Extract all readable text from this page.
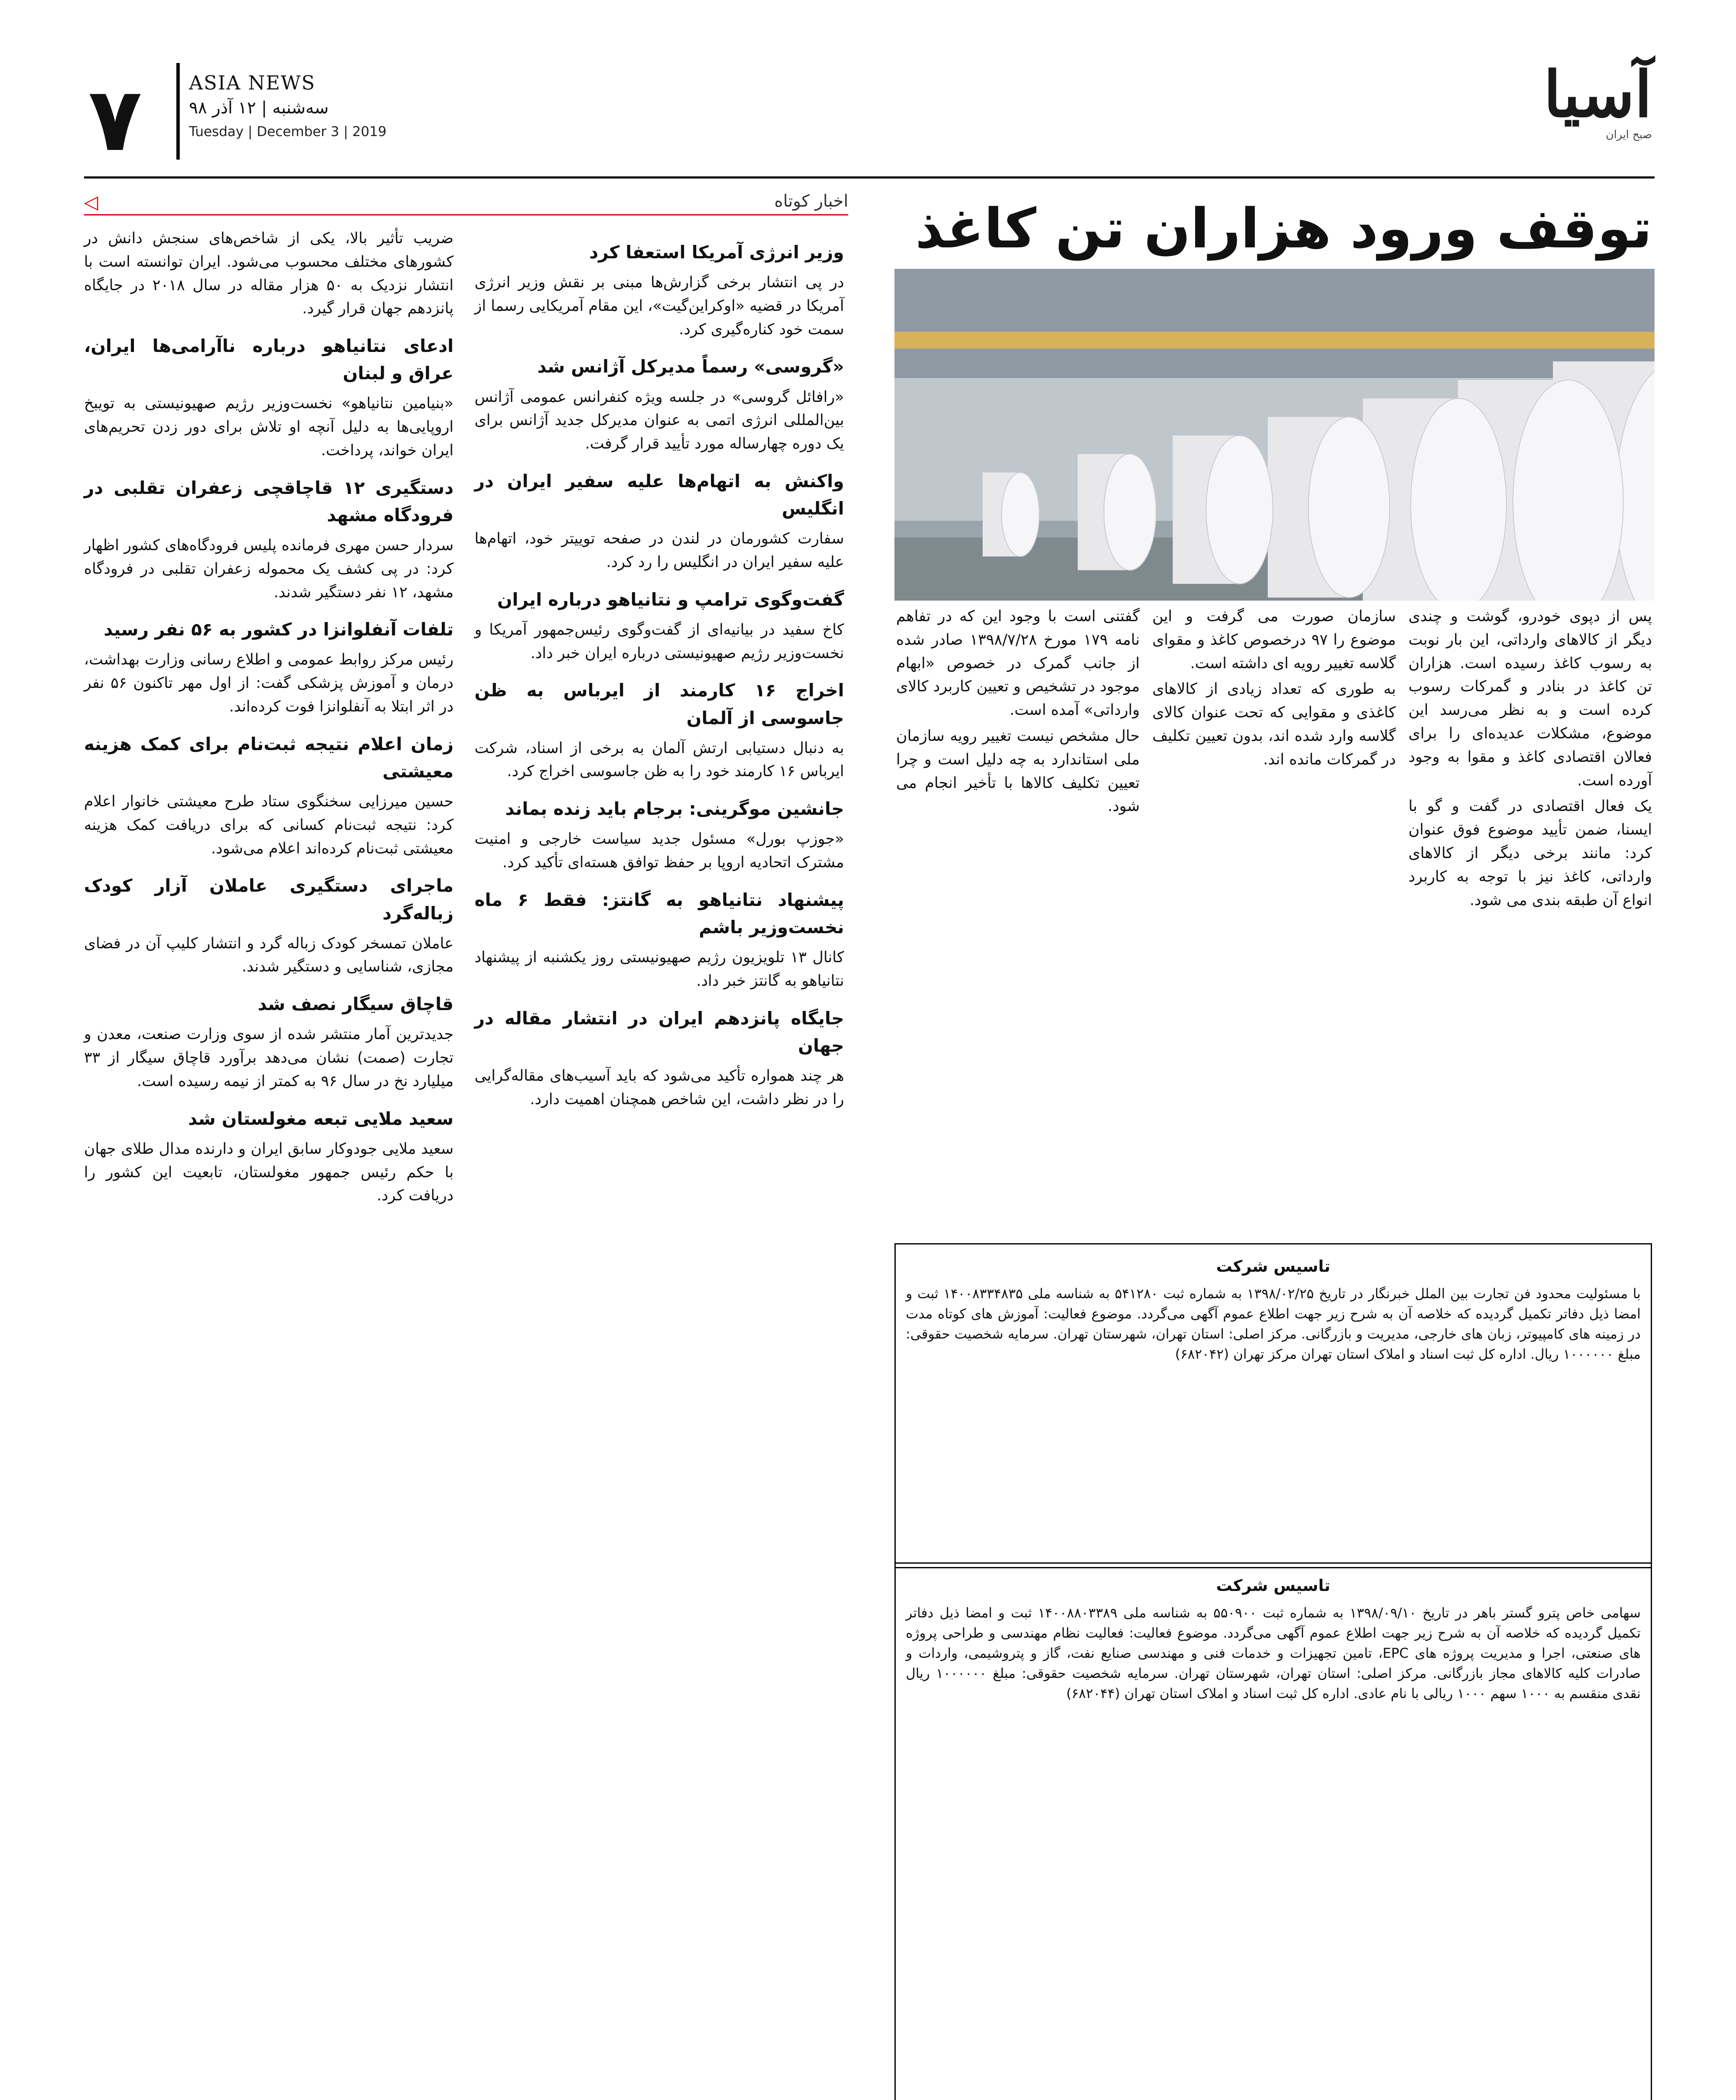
آسیا
صبح ایران
۷ ASIA NEWS
سه‌شنبه | ۱۲ آذر ۹۸
Tuesday | December 3 | 2019
اخبار کوتاه
◁	توقف ورود هزاران تن کاغذ

پس از دپوی خودرو، گوشت و چندی دیگر از کالاهای وارداتی، این بار نوبت به رسوب کاغذ رسیده است. هزاران تن کاغذ در بنادر و گمرکات رسوب کرده است و به نظر می‌رسد این موضوع، مشکلات عدیده‌ای را برای فعالان اقتصادی کاغذ و مقوا به وجود آورده است.

یک فعال اقتصادی در گفت و گو با ایسنا، ضمن تأیید موضوع فوق عنوان کرد: مانند برخی دیگر از کالاهای وارداتی، کاغذ نیز با توجه به کاربرد انواع آن طبقه بندی می شود.

سازمان صورت می گرفت و این موضوع را ۹۷ درخصوص کاغذ و مقوای گلاسه تغییر رویه ای داشته است.

به طوری که تعداد زیادی از کالاهای کاغذی و مقوایی که تحت عنوان کالای گلاسه وارد شده اند، بدون تعیین تکلیف در گمرکات مانده اند.

گفتنی است با وجود این که در تفاهم نامه ۱۷۹ مورخ ۱۳۹۸/۷/۲۸ صادر شده از جانب گمرک در خصوص «ابهام موجود در تشخیص و تعیین کاربرد کالای وارداتی» آمده است.

حال مشخص نیست تغییر رویه سازمان ملی استاندارد به چه دلیل است و چرا تعیین تکلیف کالاها با تأخیر انجام می شود.

تاسیس شرکت
با مسئولیت محدود فن تجارت بین الملل خبرنگار در تاریخ ۱۳۹۸/۰۲/۲۵ به شماره ثبت ۵۴۱۲۸۰ به شناسه ملی ۱۴۰۰۸۳۳۴۸۳۵ ثبت و امضا ذیل دفاتر تکمیل گردیده که خلاصه آن به شرح زیر جهت اطلاع عموم آگهی می‌گردد. موضوع فعالیت: آموزش های کوتاه مدت در زمینه های کامپیوتر، زبان های خارجی، مدیریت و بازرگانی. مرکز اصلی: استان تهران، شهرستان تهران. سرمایه شخصیت حقوقی: مبلغ ۱۰۰۰۰۰۰ ریال. اداره کل ثبت اسناد و املاک استان تهران مرکز تهران (۶۸۲۰۴۲)
تاسیس شرکت
سهامی خاص پترو گستر باهر در تاریخ ۱۳۹۸/۰۹/۱۰ به شماره ثبت ۵۵۰۹۰۰ به شناسه ملی ۱۴۰۰۸۸۰۳۳۸۹ ثبت و امضا ذیل دفاتر تکمیل گردیده که خلاصه آن به شرح زیر جهت اطلاع عموم آگهی می‌گردد. موضوع فعالیت: فعالیت نظام مهندسی و طراحی پروژه های صنعتی، اجرا و مدیریت پروژه های EPC، تامین تجهیزات و خدمات فنی و مهندسی صنایع نفت، گاز و پتروشیمی، واردات و صادرات کلیه کالاهای مجاز بازرگانی. مرکز اصلی: استان تهران، شهرستان تهران. سرمایه شخصیت حقوقی: مبلغ ۱۰۰۰۰۰۰ ریال نقدی منقسم به ۱۰۰۰ سهم ۱۰۰۰ ریالی با نام عادی. اداره کل ثبت اسناد و املاک استان تهران (۶۸۲۰۴۴)
وزیر انرژی آمریکا استعفا کرد

در پی انتشار برخی گزارش‌ها مبنی بر نقش وزیر انرژی آمریکا در قضیه «اوکراین‌گیت»، این مقام آمریکایی رسما از سمت خود کناره‌گیری کرد.

«گروسی» رسماً مدیرکل آژانس شد

«رافائل گروسی» در جلسه ویژه کنفرانس عمومی آژانس بین‌المللی انرژی اتمی به عنوان مدیرکل جدید آژانس برای یک دوره چهارساله مورد تأیید قرار گرفت.

واکنش به اتهام‌ها علیه سفیر ایران در انگلیس

سفارت کشورمان در لندن در صفحه توییتر خود، اتهام‌ها علیه سفیر ایران در انگلیس را رد کرد.

گفت‌وگوی ترامپ و نتانیاهو درباره ایران

کاخ سفید در بیانیه‌ای از گفت‌وگوی رئیس‌جمهور آمریکا و نخست‌وزیر رژیم صهیونیستی درباره ایران خبر داد.

اخراج ۱۶ کارمند از ایرباس به ظن جاسوسی از آلمان

به دنبال دستیابی ارتش آلمان به برخی از اسناد، شرکت ایرباس ۱۶ کارمند خود را به ظن جاسوسی اخراج کرد.

جانشین موگرینی: برجام باید زنده بماند

«جوزپ بورل» مسئول جدید سیاست خارجی و امنیت مشترک اتحادیه اروپا بر حفظ توافق هسته‌ای تأکید کرد.

پیشنهاد نتانیاهو به گانتز: فقط ۶ ماه نخست‌وزیر باشم

کانال ۱۳ تلویزیون رژیم صهیونیستی روز یکشنبه از پیشنهاد نتانیاهو به گانتز خبر داد.

جایگاه پانزدهم ایران در انتشار مقاله در جهان

هر چند همواره تأکید می‌شود که باید آسیب‌های مقاله‌گرایی را در نظر داشت، این شاخص همچنان اهمیت دارد.

ضریب تأثیر بالا، یکی از شاخص‌های سنجش دانش در کشورهای مختلف محسوب می‌شود. ایران توانسته است با انتشار نزدیک به ۵۰ هزار مقاله در سال ۲۰۱۸ در جایگاه پانزدهم جهان قرار گیرد.

ادعای نتانیاهو درباره ناآرامی‌ها ایران، عراق و لبنان

«بنیامین نتانیاهو» نخست‌وزیر رژیم صهیونیستی به تویبخ اروپایی‌ها به دلیل آنچه او تلاش برای دور زدن تحریم‌های ایران خواند، پرداخت.

دستگیری ۱۲ قاچاقچی زعفران تقلبی در فرودگاه مشهد

سردار حسن مهری فرمانده پلیس فرودگاه‌های کشور اظهار کرد: در پی کشف یک محموله زعفران تقلبی در فرودگاه مشهد، ۱۲ نفر دستگیر شدند.

تلفات آنفلوانزا در کشور به ۵۶ نفر رسید

رئیس مرکز روابط عمومی و اطلاع رسانی وزارت بهداشت، درمان و آموزش پزشکی گفت: از اول مهر تاکنون ۵۶ نفر در اثر ابتلا به آنفلوانزا فوت کرده‌اند.

زمان اعلام نتیجه ثبت‌نام برای کمک هزینه معیشتی

حسین میرزایی سخنگوی ستاد طرح معیشتی خانوار اعلام کرد: نتیجه ثبت‌نام کسانی که برای دریافت کمک هزینه معیشتی ثبت‌نام کرده‌اند اعلام می‌شود.

ماجرای دستگیری عاملان آزار کودک زباله‌گرد

عاملان تمسخر کودک زباله گرد و انتشار کلیپ آن در فضای مجازی، شناسایی و دستگیر شدند.

قاچاق سیگار نصف شد

جدیدترین آمار منتشر شده از سوی وزارت صنعت، معدن و تجارت (صمت) نشان می‌دهد برآورد قاچاق سیگار از ۳۳ میلیارد نخ در سال ۹۶ به کمتر از نیمه رسیده است.

سعید ملایی تبعه مغولستان شد

سعید ملایی جودوکار سابق ایران و دارنده مدال طلای جهان با حکم رئیس جمهور مغولستان، تابعیت این کشور را دریافت کرد.
